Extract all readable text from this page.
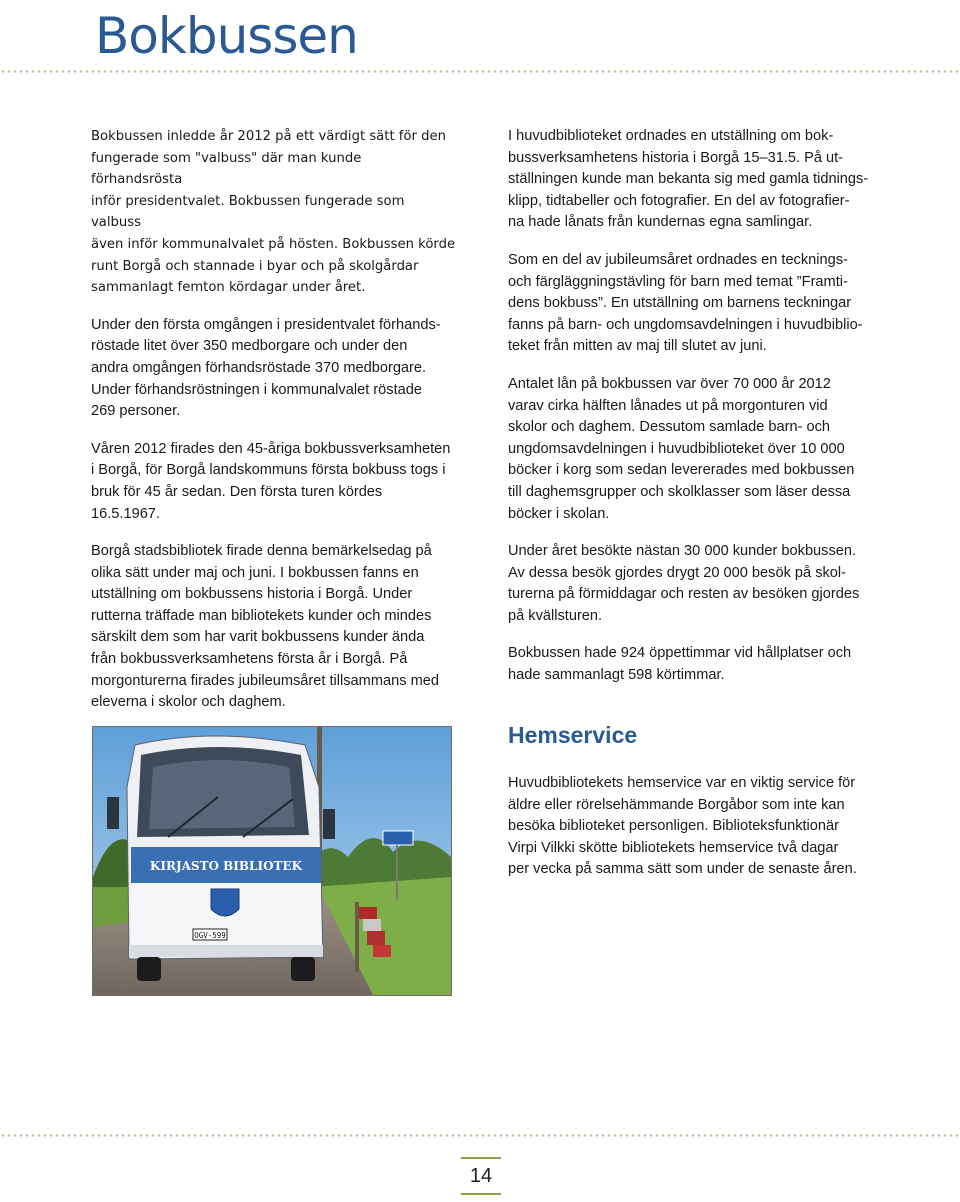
Bokbussen

Bokbussen inledde år 2012 på ett värdigt sätt för den
fungerade som "valbuss" där man kunde förhandsrösta
inför presidentvalet. Bokbussen fungerade som valbuss
även inför kommunalvalet på hösten. Bokbussen körde
runt Borgå och stannade i byar och på skolgårdar
sammanlagt femton kördagar under året.

Under den första omgången i presidentvalet förhands-
röstade litet över 350 medborgare och under den
andra omgången förhandsröstade 370 medborgare.
Under förhandsröstningen i kommunalvalet röstade
269 personer.

Våren 2012 firades den 45-åriga bokbussverksamheten
i Borgå, för Borgå landskommuns första bokbuss togs i
bruk för 45 år sedan. Den första turen kördes
16.5.1967.

Borgå stadsbibliotek firade denna bemärkelsedag på
olika sätt under maj och juni. I bokbussen fanns en
utställning om bokbussens historia i Borgå. Under
rutterna träffade man bibliotekets kunder och mindes
särskilt dem som har varit bokbussens kunder ända
från bokbussverksamhetens första år i Borgå. På
morgonturerna firades jubileumsåret tillsammans med
eleverna i skolor och daghem.

I huvudbiblioteket ordnades en utställning om bok-
bussverksamhetens historia i Borgå 15–31.5. På ut-
ställningen kunde man bekanta sig med gamla tidnings-
klipp, tidtabeller och fotografier. En del av fotografier-
na hade lånats från kundernas egna samlingar.

Som en del av jubileumsåret ordnades en tecknings-
och färgläggningstävling för barn med temat ”Framti-
dens bokbuss”. En utställning om barnens teckningar
fanns på barn- och ungdomsavdelningen i huvudbiblio-
teket från mitten av maj till slutet av juni.

Antalet lån på bokbussen var över 70 000 år 2012
varav cirka hälften lånades ut på morgonturen vid
skolor och daghem. Dessutom samlade barn- och
ungdomsavdelningen i huvudbiblioteket över 10 000
böcker i korg som sedan levererades med bokbussen
till daghemsgrupper och skolklasser som läser dessa
böcker i skolan.

Under året besökte nästan 30 000 kunder bokbussen.
Av dessa besök gjordes drygt 20 000 besök på skol-
turerna på förmiddagar och resten av besöken gjordes
på kvällsturen.

Bokbussen hade 924 öppettimmar vid hållplatser och
hade sammanlagt 598 körtimmar.

KIRJASTO BIBLIOTEK
OGV-599
Hemservice

Huvudbibliotekets hemservice var en viktig service för
äldre eller rörelsehämmande Borgåbor som inte kan
besöka biblioteket personligen. Biblioteksfunktionär
Virpi Vilkki skötte bibliotekets hemservice två dagar
per vecka på samma sätt som under de senaste åren.

14
